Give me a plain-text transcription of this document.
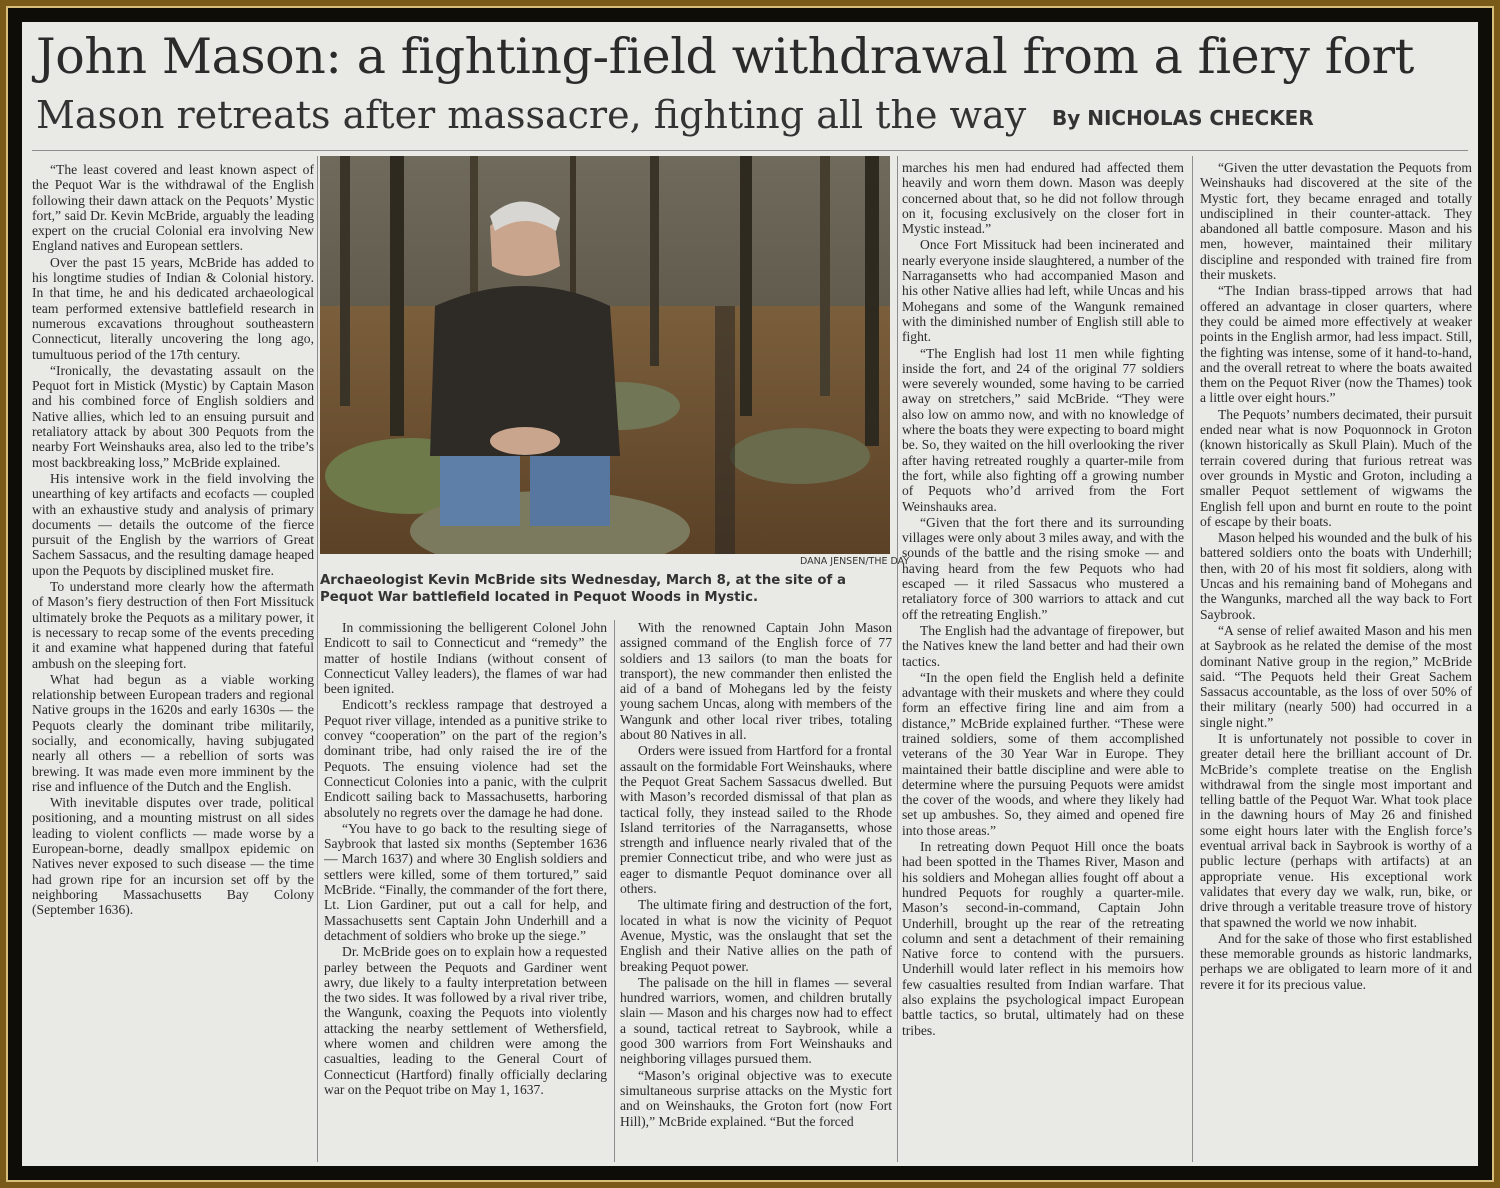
John Mason: a fighting-field withdrawal from a fiery fort
Mason retreats after massacre, fighting all the way	By NICHOLAS CHECKER

“The least covered and least known aspect of the Pequot War is the withdrawal of the English following their dawn attack on the Pequots’ Mystic fort,” said Dr. Kevin McBride, arguably the leading expert on the crucial Colonial era involving New England natives and European settlers.

Over the past 15 years, McBride has added to his longtime studies of Indian & Colonial history. In that time, he and his dedicated archaeological team performed extensive battlefield research in numerous excavations throughout southeastern Connecticut, literally uncovering the long ago, tumultuous period of the 17th century.

“Ironically, the devastating assault on the Pequot fort in Mistick (Mystic) by Captain Mason and his combined force of English soldiers and Native allies, which led to an ensuing pursuit and retaliatory attack by about 300 Pequots from the nearby Fort Weinshauks area, also led to the tribe’s most backbreaking loss,” McBride explained.

His intensive work in the field involving the unearthing of key artifacts and ecofacts — coupled with an exhaustive study and analysis of primary documents — details the outcome of the fierce pursuit of the English by the warriors of Great Sachem Sassacus, and the resulting damage heaped upon the Pequots by disciplined musket fire.

To understand more clearly how the aftermath of Mason’s fiery destruction of then Fort Missituck ultimately broke the Pequots as a military power, it is necessary to recap some of the events preceding it and examine what happened during that fateful ambush on the sleeping fort.

What had begun as a viable working relationship between European traders and regional Native groups in the 1620s and early 1630s — the Pequots clearly the dominant tribe militarily, socially, and economically, having subjugated nearly all others — a rebellion of sorts was brewing. It was made even more imminent by the rise and influence of the Dutch and the English.

With inevitable disputes over trade, political positioning, and a mounting mistrust on all sides leading to violent conflicts — made worse by a European-borne, deadly smallpox epidemic on Natives never exposed to such disease — the time had grown ripe for an incursion set off by the neighboring Massachusetts Bay Colony (September 1636).

DANA JENSEN/THE DAY
Archaeologist Kevin McBride sits Wednesday, March 8, at the site of a Pequot War battlefield located in Pequot Woods in Mystic.

In commissioning the belligerent Colonel John Endicott to sail to Connecticut and “remedy” the matter of hostile Indians (without consent of Connecticut Valley leaders), the flames of war had been ignited.

Endicott’s reckless rampage that destroyed a Pequot river village, intended as a punitive strike to convey “cooperation” on the part of the region’s dominant tribe, had only raised the ire of the Pequots. The ensuing violence had set the Connecticut Colonies into a panic, with the culprit Endicott sailing back to Massachusetts, harboring absolutely no regrets over the damage he had done.

“You have to go back to the resulting siege of Saybrook that lasted six months (September 1636 — March 1637) and where 30 English soldiers and settlers were killed, some of them tortured,” said McBride. “Finally, the commander of the fort there, Lt. Lion Gardiner, put out a call for help, and Massachusetts sent Captain John Underhill and a detachment of soldiers who broke up the siege.”

Dr. McBride goes on to explain how a requested parley between the Pequots and Gardiner went awry, due likely to a faulty interpretation between the two sides. It was followed by a rival river tribe, the Wangunk, coaxing the Pequots into violently attacking the nearby settlement of Wethersfield, where women and children were among the casualties, leading to the General Court of Connecticut (Hartford) finally officially declaring war on the Pequot tribe on May 1, 1637.

With the renowned Captain John Mason assigned command of the English force of 77 soldiers and 13 sailors (to man the boats for transport), the new commander then enlisted the aid of a band of Mohegans led by the feisty young sachem Uncas, along with members of the Wangunk and other local river tribes, totaling about 80 Natives in all.

Orders were issued from Hartford for a frontal assault on the formidable Fort Weinshauks, where the Pequot Great Sachem Sassacus dwelled. But with Mason’s recorded dismissal of that plan as tactical folly, they instead sailed to the Rhode Island territories of the Narragansetts, whose strength and influence nearly rivaled that of the premier Connecticut tribe, and who were just as eager to dismantle Pequot dominance over all others.

The ultimate firing and destruction of the fort, located in what is now the vicinity of Pequot Avenue, Mystic, was the onslaught that set the English and their Native allies on the path of breaking Pequot power.

The palisade on the hill in flames — several hundred warriors, women, and children brutally slain — Mason and his charges now had to effect a sound, tactical retreat to Saybrook, while a good 300 warriors from Fort Weinshauks and neighboring villages pursued them.

“Mason’s original objective was to execute simultaneous surprise attacks on the Mystic fort and on Weinshauks, the Groton fort (now Fort Hill),” McBride explained. “But the forced

marches his men had endured had affected them heavily and worn them down. Mason was deeply concerned about that, so he did not follow through on it, focusing exclusively on the closer fort in Mystic instead.”

Once Fort Missituck had been incinerated and nearly everyone inside slaughtered, a number of the Narragansetts who had accompanied Mason and his other Native allies had left, while Uncas and his Mohegans and some of the Wangunk remained with the diminished number of English still able to fight.

“The English had lost 11 men while fighting inside the fort, and 24 of the original 77 soldiers were severely wounded, some having to be carried away on stretchers,” said McBride. “They were also low on ammo now, and with no knowledge of where the boats they were expecting to board might be. So, they waited on the hill overlooking the river after having retreated roughly a quarter-mile from the fort, while also fighting off a growing number of Pequots who’d arrived from the Fort Weinshauks area.

“Given that the fort there and its surrounding villages were only about 3 miles away, and with the sounds of the battle and the rising smoke — and having heard from the few Pequots who had escaped — it riled Sassacus who mustered a retaliatory force of 300 warriors to attack and cut off the retreating English.”

The English had the advantage of firepower, but the Natives knew the land better and had their own tactics.

“In the open field the English held a definite advantage with their muskets and where they could form an effective firing line and aim from a distance,” McBride explained further. “These were trained soldiers, some of them accomplished veterans of the 30 Year War in Europe. They maintained their battle discipline and were able to determine where the pursuing Pequots were amidst the cover of the woods, and where they likely had set up ambushes. So, they aimed and opened fire into those areas.”

In retreating down Pequot Hill once the boats had been spotted in the Thames River, Mason and his soldiers and Mohegan allies fought off about a hundred Pequots for roughly a quarter-mile. Mason’s second-in-command, Captain John Underhill, brought up the rear of the retreating column and sent a detachment of their remaining Native force to contend with the pursuers. Underhill would later reflect in his memoirs how few casualties resulted from Indian warfare. That also explains the psychological impact European battle tactics, so brutal, ultimately had on these tribes.

“Given the utter devastation the Pequots from Weinshauks had discovered at the site of the Mystic fort, they became enraged and totally undisciplined in their counter-attack. They abandoned all battle composure. Mason and his men, however, maintained their military discipline and responded with trained fire from their muskets.

“The Indian brass-tipped arrows that had offered an advantage in closer quarters, where they could be aimed more effectively at weaker points in the English armor, had less impact. Still, the fighting was intense, some of it hand-to-hand, and the overall retreat to where the boats awaited them on the Pequot River (now the Thames) took a little over eight hours.”

The Pequots’ numbers decimated, their pursuit ended near what is now Poquonnock in Groton (known historically as Skull Plain). Much of the terrain covered during that furious retreat was over grounds in Mystic and Groton, including a smaller Pequot settlement of wigwams the English fell upon and burnt en route to the point of escape by their boats.

Mason helped his wounded and the bulk of his battered soldiers onto the boats with Underhill; then, with 20 of his most fit soldiers, along with Uncas and his remaining band of Mohegans and the Wangunks, marched all the way back to Fort Saybrook.

“A sense of relief awaited Mason and his men at Saybrook as he related the demise of the most dominant Native group in the region,” McBride said. “The Pequots held their Great Sachem Sassacus accountable, as the loss of over 50% of their military (nearly 500) had occurred in a single night.”

It is unfortunately not possible to cover in greater detail here the brilliant account of Dr. McBride’s complete treatise on the English withdrawal from the single most important and telling battle of the Pequot War. What took place in the dawning hours of May 26 and finished some eight hours later with the English force’s eventual arrival back in Saybrook is worthy of a public lecture (perhaps with artifacts) at an appropriate venue. His exceptional work validates that every day we walk, run, bike, or drive through a veritable treasure trove of history that spawned the world we now inhabit.

And for the sake of those who first established these memorable grounds as historic landmarks, perhaps we are obligated to learn more of it and revere it for its precious value.
